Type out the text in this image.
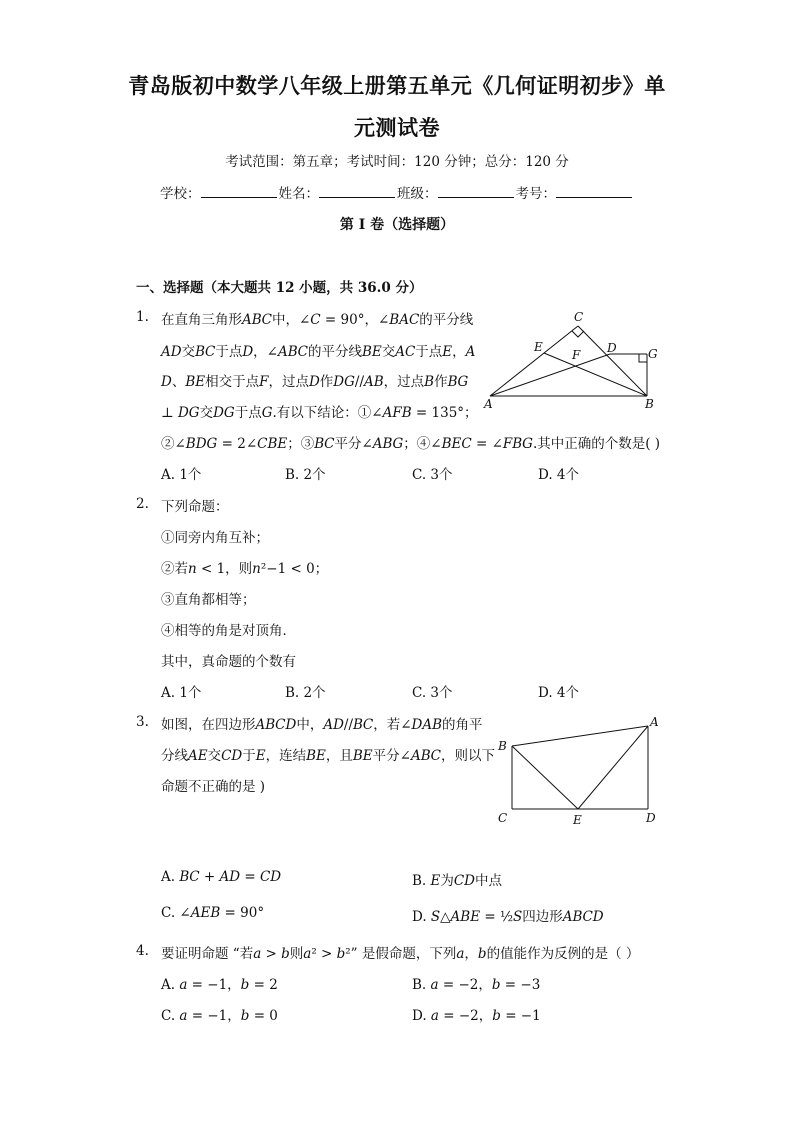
青岛版初中数学八年级上册第五单元《几何证明初步》单
元测试卷
考试范围：第五章；考试时间：120 分钟；总分：120 分
学校：	姓名：	班级：	考号：
第 I 卷（选择题）
一、选择题（本大题共 12 小题，共 36.0 分）
1. 在直角三角形𝐴𝐵𝐶中，∠𝐶 = 90°，∠𝐵𝐴𝐶的平分线
𝐴𝐷交𝐵𝐶于点𝐷，∠𝐴𝐵𝐶的平分线𝐵𝐸交𝐴𝐶于点𝐸，𝐴
𝐷、𝐵𝐸相交于点𝐹，过点𝐷作𝐷𝐺//𝐴𝐵，过点𝐵作𝐵𝐺
⊥ 𝐷𝐺交𝐷𝐺于点𝐺.有以下结论：①∠𝐴𝐹𝐵 = 135°；
②∠𝐵𝐷𝐺 = 2∠𝐶𝐵𝐸；③𝐵𝐶平分∠𝐴𝐵𝐺；④∠𝐵𝐸𝐶 = ∠𝐹𝐵𝐺.其中正确的个数是( )
A. 1个	B. 2个	C. 3个	D. 4个
C
E
F D	G
A	B
2. 下列命题：
①同旁内角互补；
②若𝑛 < 1，则𝑛²−1 < 0；
③直角都相等；
④相等的角是对顶角．
其中，真命题的个数有
A. 1个	B. 2个	C. 3个	D. 4个
3. 如图，在四边形𝐴𝐵𝐶𝐷中，𝐴𝐷//𝐵𝐶，若∠𝐷𝐴𝐵的角平
分线𝐴𝐸交𝐶𝐷于𝐸，连结𝐵𝐸，且𝐵𝐸平分∠𝐴𝐵𝐶，则以下
命题不正确的是 )
A
B
C	E	D
A. 𝐵𝐶 + 𝐴𝐷 = 𝐶𝐷	B. 𝐸为𝐶𝐷中点
C. ∠𝐴𝐸𝐵 = 90°	D. 𝑆△𝐴𝐵𝐸 = ½𝑆四边形𝐴𝐵𝐶𝐷
4. 要证明命题 “若𝑎 > 𝑏则𝑎² > 𝑏²” 是假命题，下列𝑎，𝑏的值能作为反例的是（ ）
A. 𝑎 = −1，𝑏 = 2	B. 𝑎 = −2，𝑏 = −3
C. 𝑎 = −1，𝑏 = 0	D. 𝑎 = −2，𝑏 = −1
